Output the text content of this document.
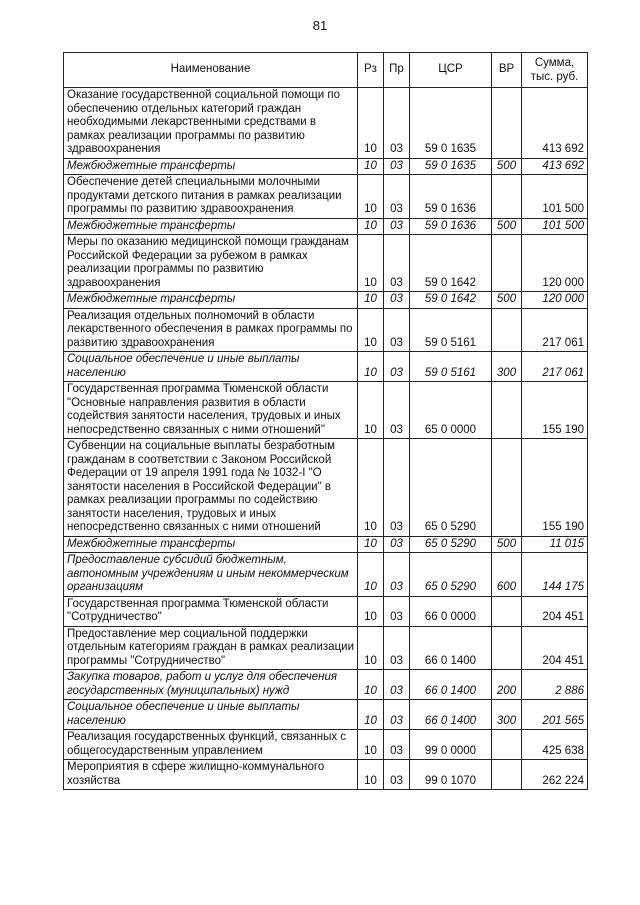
81
Наименование	Рз	Пр	ЦСР	ВР	Сумма,
тыс. руб.

Оказание государственной социальной помощи по обеспечению отдельных категорий граждан необходимыми лекарственными средствами в рамках реализации программы по развитию здравоохранения	10	03	59 0 1635		413 692
Межбюджетные трансферты	10	03	59 0 1635	500	413 692
Обеспечение детей специальными молочными продуктами детского питания в рамках реализации программы по развитию здравоохранения	10	03	59 0 1636		101 500
Межбюджетные трансферты	10	03	59 0 1636	500	101 500
Меры по оказанию медицинской помощи гражданам Российской Федерации за рубежом в рамках реализации программы по развитию здравоохранения	10	03	59 0 1642		120 000
Межбюджетные трансферты	10	03	59 0 1642	500	120 000
Реализация отдельных полномочий в области лекарственного обеспечения в рамках программы по развитию здравоохранения	10	03	59 0 5161		217 061
Социальное обеспечение и иные выплаты населению	10	03	59 0 5161	300	217 061
Государственная программа Тюменской области "Основные направления развития в области содействия занятости населения, трудовых и иных непосредственно связанных с ними отношений"	10	03	65 0 0000		155 190
Субвенции на социальные выплаты безработным гражданам в соответствии с Законом Российской Федерации от 19 апреля 1991 года № 1032-I "О занятости населения в Российской Федерации" в рамках реализации программы по содействию занятости населения, трудовых и иных непосредственно связанных с ними отношений	10	03	65 0 5290		155 190
Межбюджетные трансферты	10	03	65 0 5290	500	11 015
Предоставление субсидий бюджетным, автономным учреждениям и иным некоммерческим организациям	10	03	65 0 5290	600	144 175
Государственная программа Тюменской области "Сотрудничество"	10	03	66 0 0000		204 451
Предоставление мер социальной поддержки отдельным категориям граждан в рамках реализации программы "Сотрудничество"	10	03	66 0 1400		204 451
Закупка товаров, работ и услуг для обеспечения государственных (муниципальных) нужд	10	03	66 0 1400	200	2 886
Социальное обеспечение и иные выплаты населению	10	03	66 0 1400	300	201 565
Реализация государственных функций, связанных с общегосударственным управлением	10	03	99 0 0000		425 638
Мероприятия в сфере жилищно-коммунального хозяйства	10	03	99 0 1070		262 224
